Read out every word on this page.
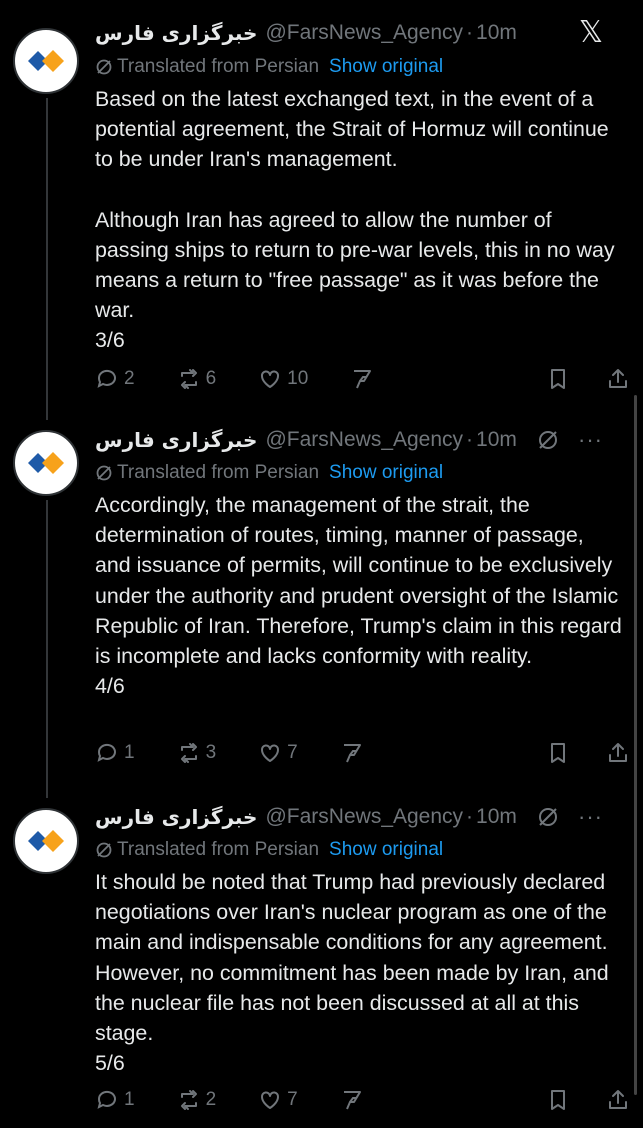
خبرگزاری فارس @FarsNews_Agency · 10m 𝕏
Translated from Persian Show original

Based on the latest exchanged text, in the event of a potential agreement, the Strait of Hormuz will continue to be under Iran's management.

Although Iran has agreed to allow the number of passing ships to return to pre-war levels, this in no way means a return to "free passage" as it was before the war.
3/6

2	6	10
خبرگزاری فارس @FarsNews_Agency · 10m	···
Translated from Persian Show original

Accordingly, the management of the strait, the determination of routes, timing, manner of passage, and issuance of permits, will continue to be exclusively under the authority and prudent oversight of the Islamic Republic of Iran. Therefore, Trump's claim in this regard is incomplete and lacks conformity with reality.
4/6

1	3	7
خبرگزاری فارس @FarsNews_Agency · 10m	···
Translated from Persian Show original

It should be noted that Trump had previously declared negotiations over Iran's nuclear program as one of the main and indispensable conditions for any agreement. However, no commitment has been made by Iran, and the nuclear file has not been discussed at all at this stage.
5/6

1	2	7
